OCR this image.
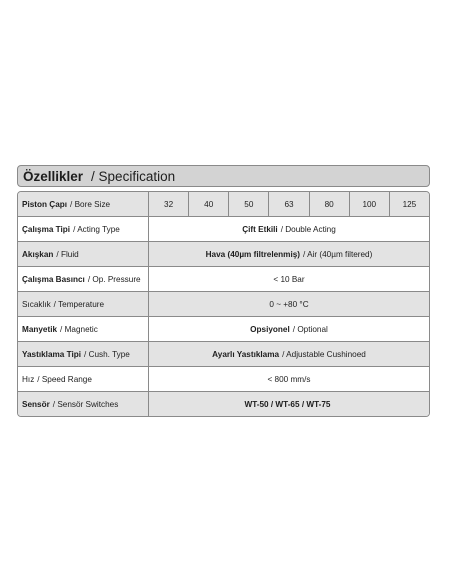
Özellikler / Specification
Piston Çapı / Bore Size	32	40	50	63	80	100	125
Çalışma Tipi / Acting Type	Çift Etkili / Double Acting
Akışkan / Fluid	Hava (40µm filtrelenmiş) / Air (40µm filtered)
Çalışma Basıncı / Op. Pressure	< 10 Bar
Sıcaklık / Temperature	0 ~ +80 °C
Manyetik / Magnetic	Opsiyonel / Optional
Yastıklama Tipi / Cush. Type	Ayarlı Yastıklama / Adjustable Cushinoed
Hız / Speed Range	< 800 mm/s
Sensör / Sensör Switches	WT-50 / WT-65 / WT-75
